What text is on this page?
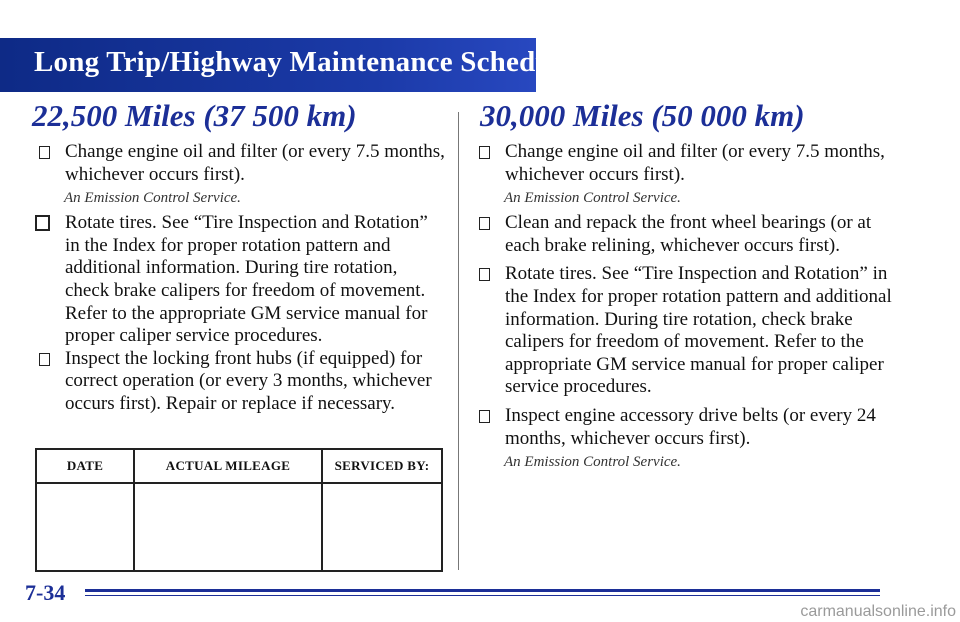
Long Trip/Highway Maintenance Schedule
22,500 Miles (37 500 km)	30,000 Miles (50 000 km)
Change engine oil and filter (or every 7.5 months, whichever occurs first).
An Emission Control Service.
Rotate tires. See “Tire Inspection and Rotation” in the Index for proper rotation pattern and additional information. During tire rotation, check brake calipers for freedom of movement. Refer to the appropriate GM service manual for proper caliper service procedures.
Inspect the locking front hubs (if equipped) for correct operation (or every 3 months, whichever occurs first). Repair or replace if necessary.
DATE	ACTUAL MILEAGE	SERVICED BY:

Change engine oil and filter (or every 7.5 months, whichever occurs first).
An Emission Control Service.
Clean and repack the front wheel bearings (or at each brake relining, whichever occurs first).
Rotate tires. See “Tire Inspection and Rotation” in the Index for proper rotation pattern and additional information. During tire rotation, check brake calipers for freedom of movement. Refer to the appropriate GM service manual for proper caliper service procedures.
Inspect engine accessory drive belts (or every 24 months, whichever occurs first).
An Emission Control Service.
7-34
carmanualsonline.info
